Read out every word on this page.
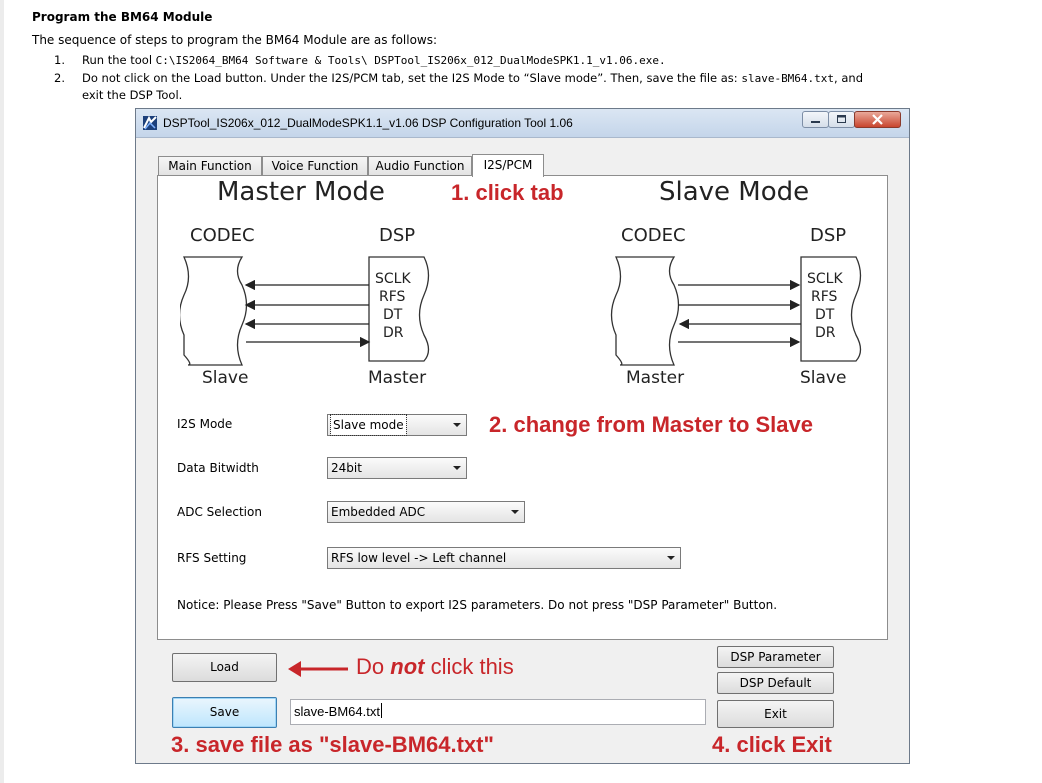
Program the BM64 Module
The sequence of steps to program the BM64 Module are as follows:
1. Run the tool C:\IS2064_BM64 Software & Tools\ DSPTool_IS206x_012_DualModeSPK1.1_v1.06.exe.
2. Do not click on the Load button. Under the I2S/PCM tab, set the I2S Mode to “Slave mode”. Then, save the file as: slave-BM64.txt, and
exit the DSP Tool.
DSPTool_IS206x_012_DualModeSPK1.1_v1.06 DSP Configuration Tool 1.06
Main Function	Voice Function	Audio Function	I2S/PCM
Master Mode	Slave Mode
CODEC	DSP	CODEC	DSP
SCLK
RFS
DT
DR
SCLK
RFS
DT
DR
Slave	Master	Master	Slave
1. click tab
I2S Mode	Slave mode	2. change from Master to Slave
Data Bitwidth	24bit
ADC Selection	Embedded ADC
RFS Setting	RFS low level -> Left channel
Notice: Please Press "Save" Button to export I2S parameters. Do not press "DSP Parameter" Button.
Load	Do not click this
Save	slave-BM64.txt
DSP Parameter
DSP Default
Exit
3. save file as "slave-BM64.txt"	4. click Exit
